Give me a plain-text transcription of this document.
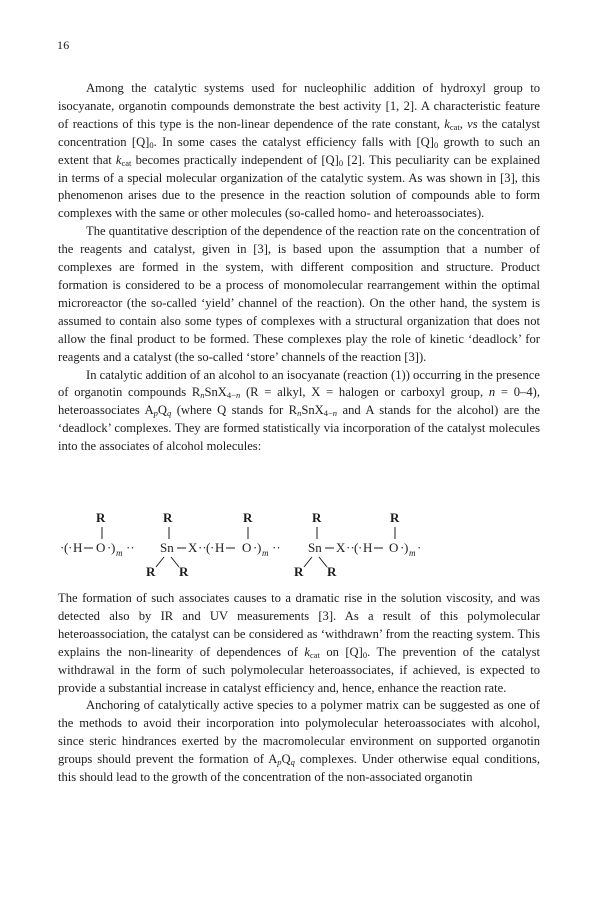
16

Among the catalytic systems used for nucleophilic addition of hydroxyl group to isocyanate, organotin compounds demonstrate the best activity [1, 2]. A characteristic feature of reactions of this type is the non-linear dependence of the rate constant, $k_{cat}$, vs the catalyst concentration $[Q]_0$. In some cases the catalyst efficiency falls with $[Q]_0$ growth to such an extent that $k_{cat}$ becomes practically independent of $[Q]_0$ [2]. This peculiarity can be explained in terms of a special molecular organization of the catalytic system. As was shown in [3], this phenomenon arises due to the presence in the reaction solution of compounds able to form complexes with the same or other molecules (so-called homo- and heteroassociates).

The quantitative description of the dependence of the reaction rate on the concentration of the reagents and catalyst, given in [3], is based upon the assumption that a number of complexes are formed in the system, with different composition and structure. Product formation is considered to be a process of monomolecular rearrangement within the optimal microreactor (the so-called ‘yield’ channel of the reaction). On the other hand, the system is assumed to contain also some types of complexes with a structural organization that does not allow the final product to be formed. These complexes play the role of kinetic ‘deadlock’ for reagents and a catalyst (the so-called ‘store’ channels of the reaction [3]).

In catalytic addition of an alcohol to an isocyanate (reaction (1)) occurring in the presence of organotin compounds $R_nSnX_{4-n}$ (R = alkyl, X = halogen or carboxyl group, n = 0–4), heteroassociates $A_pQ_q$ (where Q stands for $R_nSnX_{4-n}$ and A stands for the alcohol) are the ‘deadlock’ complexes. They are formed statistically via incorporation of the catalyst molecules into the associates of alcohol molecules:

R	R	R	R	R
· ( · H O · ) m ·· Sn X ·· ( · H O · ) m ·· Sn X ·· ( · H O · ) m ·
R R	R R

The formation of such associates causes to a dramatic rise in the solution viscosity, and was detected also by IR and UV measurements [3]. As a result of this polymolecular heteroassociation, the catalyst can be considered as ‘withdrawn’ from the reacting system. This explains the non-linearity of dependences of $k_{cat}$ on $[Q]_0$. The prevention of the catalyst withdrawal in the form of such polymolecular heteroassociates, if achieved, is expected to provide a substantial increase in catalyst efficiency and, hence, enhance the reaction rate.

Anchoring of catalytically active species to a polymer matrix can be suggested as one of the methods to avoid their incorporation into polymolecular heteroassociates with alcohol, since steric hindrances exerted by the macromolecular environment on supported organotin groups should prevent the formation of $A_pQ_q$ complexes. Under otherwise equal conditions, this should lead to the growth of the concentration of the non-associated organotin
